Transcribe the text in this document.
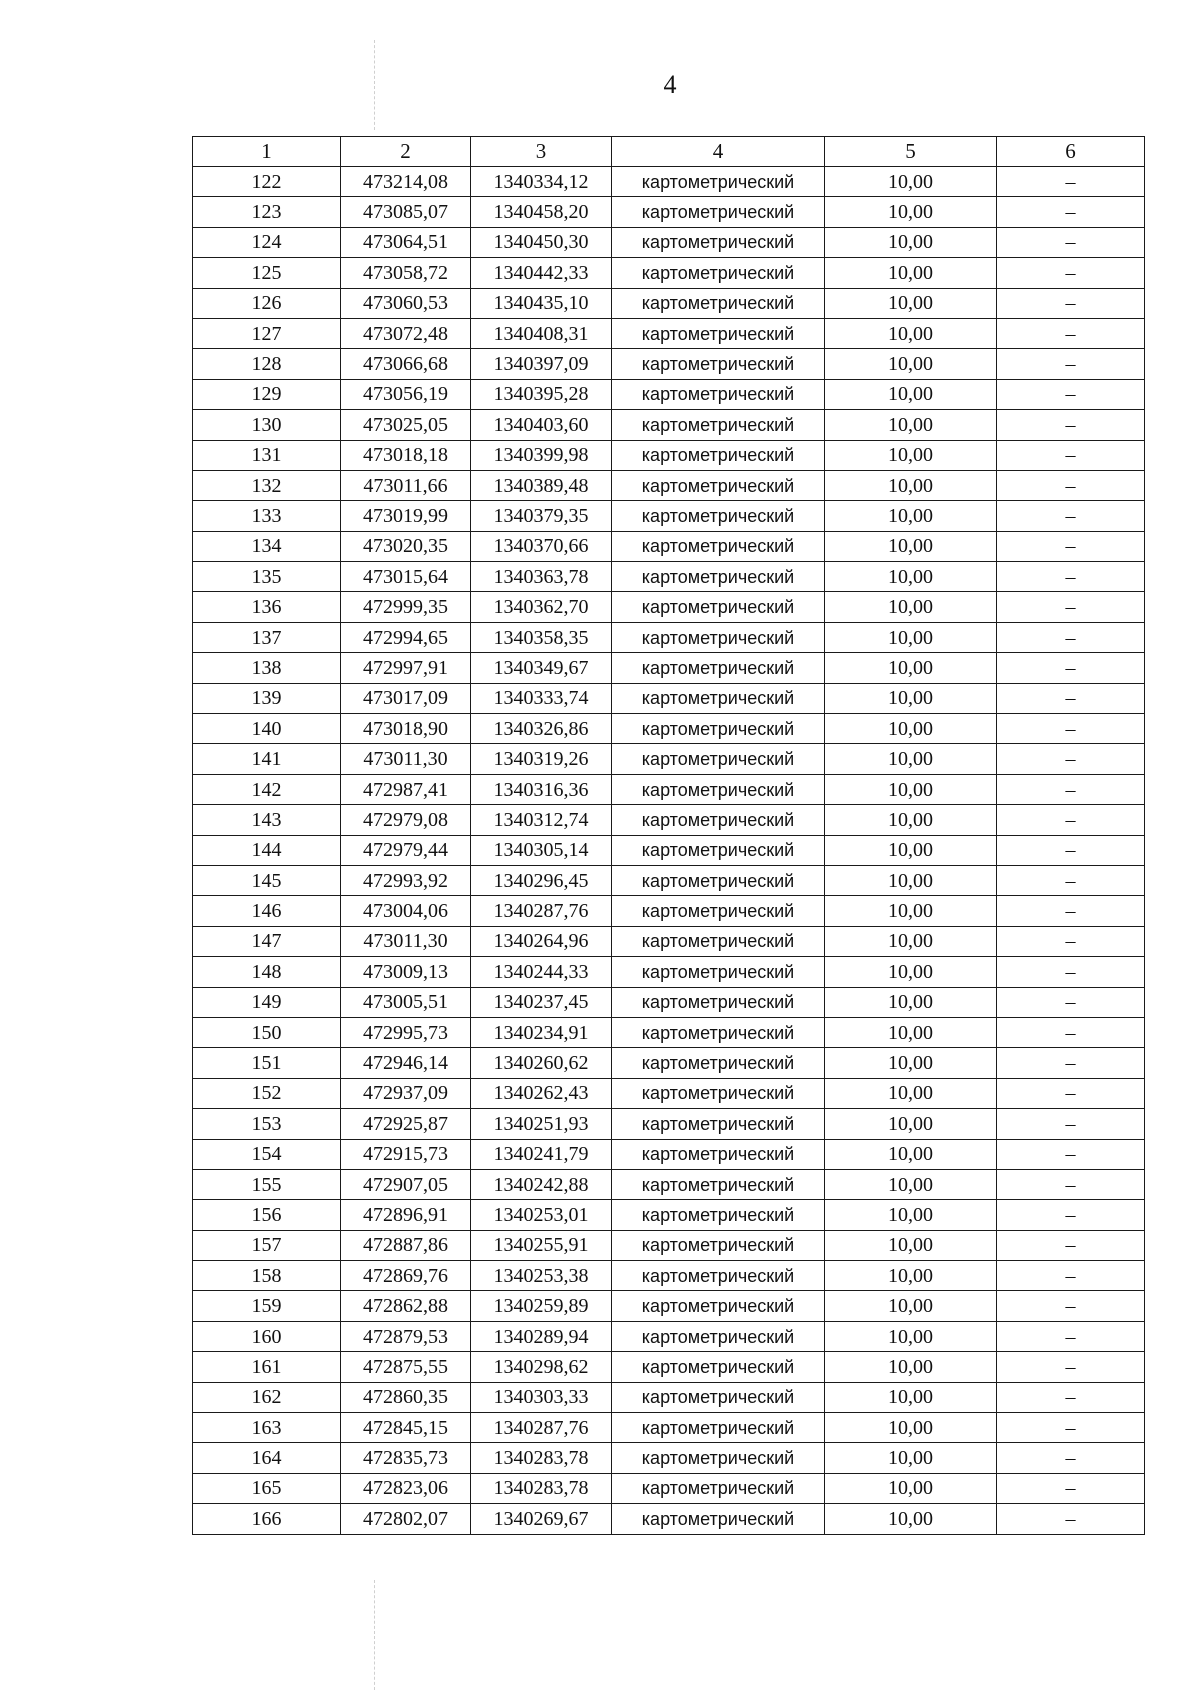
4
1	2	3	4	5	6
122	473214,08	1340334,12	картометрический	10,00	–
123	473085,07	1340458,20	картометрический	10,00	–
124	473064,51	1340450,30	картометрический	10,00	–
125	473058,72	1340442,33	картометрический	10,00	–
126	473060,53	1340435,10	картометрический	10,00	–
127	473072,48	1340408,31	картометрический	10,00	–
128	473066,68	1340397,09	картометрический	10,00	–
129	473056,19	1340395,28	картометрический	10,00	–
130	473025,05	1340403,60	картометрический	10,00	–
131	473018,18	1340399,98	картометрический	10,00	–
132	473011,66	1340389,48	картометрический	10,00	–
133	473019,99	1340379,35	картометрический	10,00	–
134	473020,35	1340370,66	картометрический	10,00	–
135	473015,64	1340363,78	картометрический	10,00	–
136	472999,35	1340362,70	картометрический	10,00	–
137	472994,65	1340358,35	картометрический	10,00	–
138	472997,91	1340349,67	картометрический	10,00	–
139	473017,09	1340333,74	картометрический	10,00	–
140	473018,90	1340326,86	картометрический	10,00	–
141	473011,30	1340319,26	картометрический	10,00	–
142	472987,41	1340316,36	картометрический	10,00	–
143	472979,08	1340312,74	картометрический	10,00	–
144	472979,44	1340305,14	картометрический	10,00	–
145	472993,92	1340296,45	картометрический	10,00	–
146	473004,06	1340287,76	картометрический	10,00	–
147	473011,30	1340264,96	картометрический	10,00	–
148	473009,13	1340244,33	картометрический	10,00	–
149	473005,51	1340237,45	картометрический	10,00	–
150	472995,73	1340234,91	картометрический	10,00	–
151	472946,14	1340260,62	картометрический	10,00	–
152	472937,09	1340262,43	картометрический	10,00	–
153	472925,87	1340251,93	картометрический	10,00	–
154	472915,73	1340241,79	картометрический	10,00	–
155	472907,05	1340242,88	картометрический	10,00	–
156	472896,91	1340253,01	картометрический	10,00	–
157	472887,86	1340255,91	картометрический	10,00	–
158	472869,76	1340253,38	картометрический	10,00	–
159	472862,88	1340259,89	картометрический	10,00	–
160	472879,53	1340289,94	картометрический	10,00	–
161	472875,55	1340298,62	картометрический	10,00	–
162	472860,35	1340303,33	картометрический	10,00	–
163	472845,15	1340287,76	картометрический	10,00	–
164	472835,73	1340283,78	картометрический	10,00	–
165	472823,06	1340283,78	картометрический	10,00	–
166	472802,07	1340269,67	картометрический	10,00	–
